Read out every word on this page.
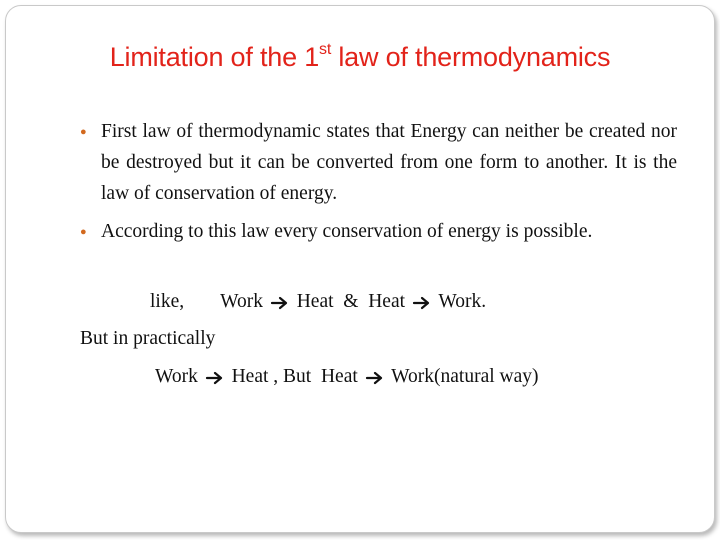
Limitation of the 1st law of thermodynamics
● First law of thermodynamic states that Energy can neither be created nor be destroyed but it can be converted from one form to another. It is the law of conservation of energy.
● According to this law every conservation of energy is possible.
like, Work Heat & Heat Work.
But in practically
Work Heat , But Heat Work(natural way)
